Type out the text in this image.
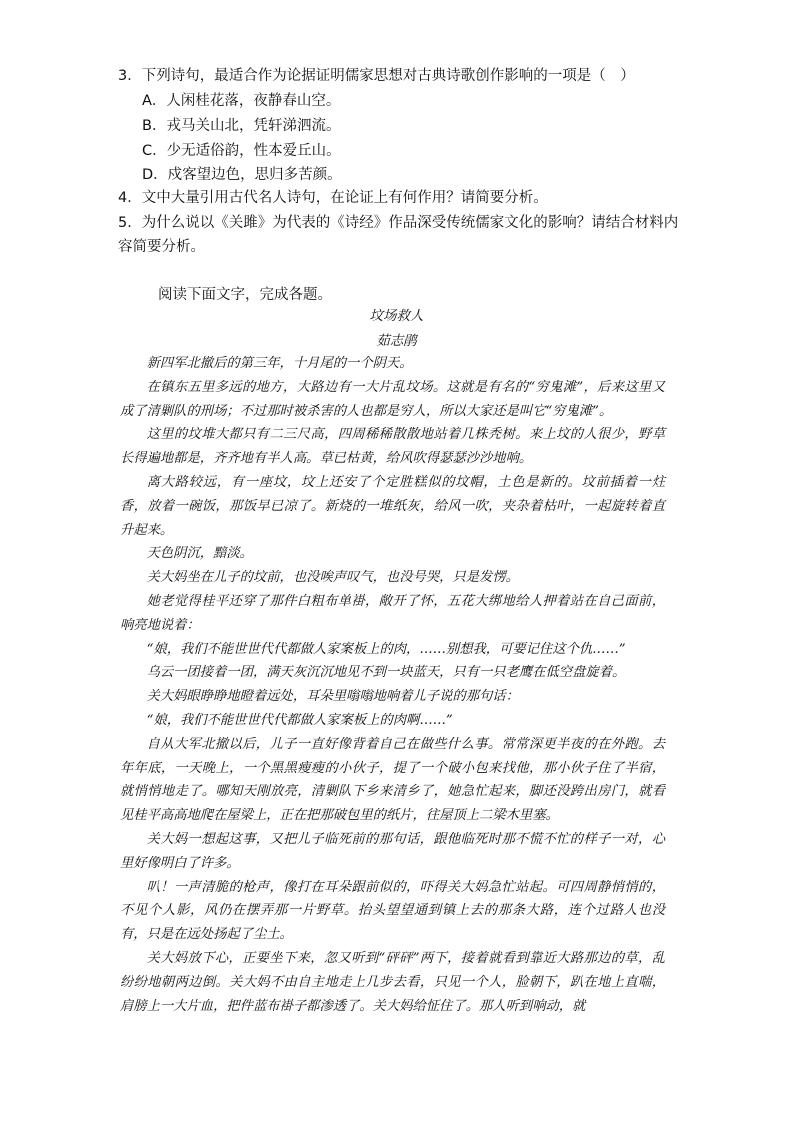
3．下列诗句，最适合作为论据证明儒家思想对古典诗歌创作影响的一项是（　）
A．人闲桂花落，夜静春山空。
B．戎马关山北，凭轩涕泗流。
C．少无适俗韵，性本爱丘山。
D．戍客望边色，思归多苦颜。
4．文中大量引用古代名人诗句，在论证上有何作用？请简要分析。
5．为什么说以《关雎》为代表的《诗经》作品深受传统儒家文化的影响？请结合材料内
容简要分析。
阅读下面文字，完成各题。
坟场救人
茹志鹃

新四军北撤后的第三年，十月尾的一个阴天。

在镇东五里多远的地方，大路边有一大片乱坟场。这就是有名的“穷鬼滩”，后来这里又成了清剿队的刑场；不过那时被杀害的人也都是穷人，所以大家还是叫它“穷鬼滩”。

这里的坟堆大都只有二三尺高，四周稀稀散散地站着几株秃树。来上坟的人很少，野草长得遍地都是，齐齐地有半人高。草已枯黄，给风吹得瑟瑟沙沙地响。

离大路较远，有一座坟，坟上还安了个定胜糕似的坟帽，土色是新的。坟前插着一炷香，放着一碗饭，那饭早已凉了。新烧的一堆纸灰，给风一吹，夹杂着枯叶，一起旋转着直升起来。

天色阴沉，黯淡。

关大妈坐在儿子的坟前，也没唉声叹气，也没号哭，只是发愣。

她老觉得桂平还穿了那件白粗布单褂，敞开了怀，五花大绑地给人押着站在自己面前，响亮地说着：

“娘，我们不能世世代代都做人家案板上的肉，……别想我，可要记住这个仇……”

乌云一团接着一团，满天灰沉沉地见不到一块蓝天，只有一只老鹰在低空盘旋着。

关大妈眼睁睁地瞪着远处，耳朵里嗡嗡地响着儿子说的那句话：

“娘，我们不能世世代代都做人家案板上的肉啊……”

自从大军北撤以后，儿子一直好像背着自己在做些什么事。常常深更半夜的在外跑。去年年底，一天晚上，一个黑黑瘦瘦的小伙子，提了一个破小包来找他，那小伙子住了半宿，就悄悄地走了。哪知天刚放亮，清剿队下乡来清乡了，她急忙起来，脚还没跨出房门，就看见桂平高高地爬在屋梁上，正在把那破包里的纸片，往屋顶上二梁木里塞。

关大妈一想起这事，又把儿子临死前的那句话，跟他临死时那不慌不忙的样子一对，心里好像明白了许多。

叭！一声清脆的枪声，像打在耳朵跟前似的，吓得关大妈急忙站起。可四周静悄悄的，不见个人影，风仍在摆弄那一片野草。抬头望望通到镇上去的那条大路，连个过路人也没有，只是在远处扬起了尘土。

关大妈放下心，正要坐下来，忽又听到“砰砰”两下，接着就看到靠近大路那边的草，乱纷纷地朝两边倒。关大妈不由自主地走上几步去看，只见一个人，脸朝下，趴在地上直喘，肩膀上一大片血，把件蓝布褂子都渗透了。关大妈给怔住了。那人听到响动，就
